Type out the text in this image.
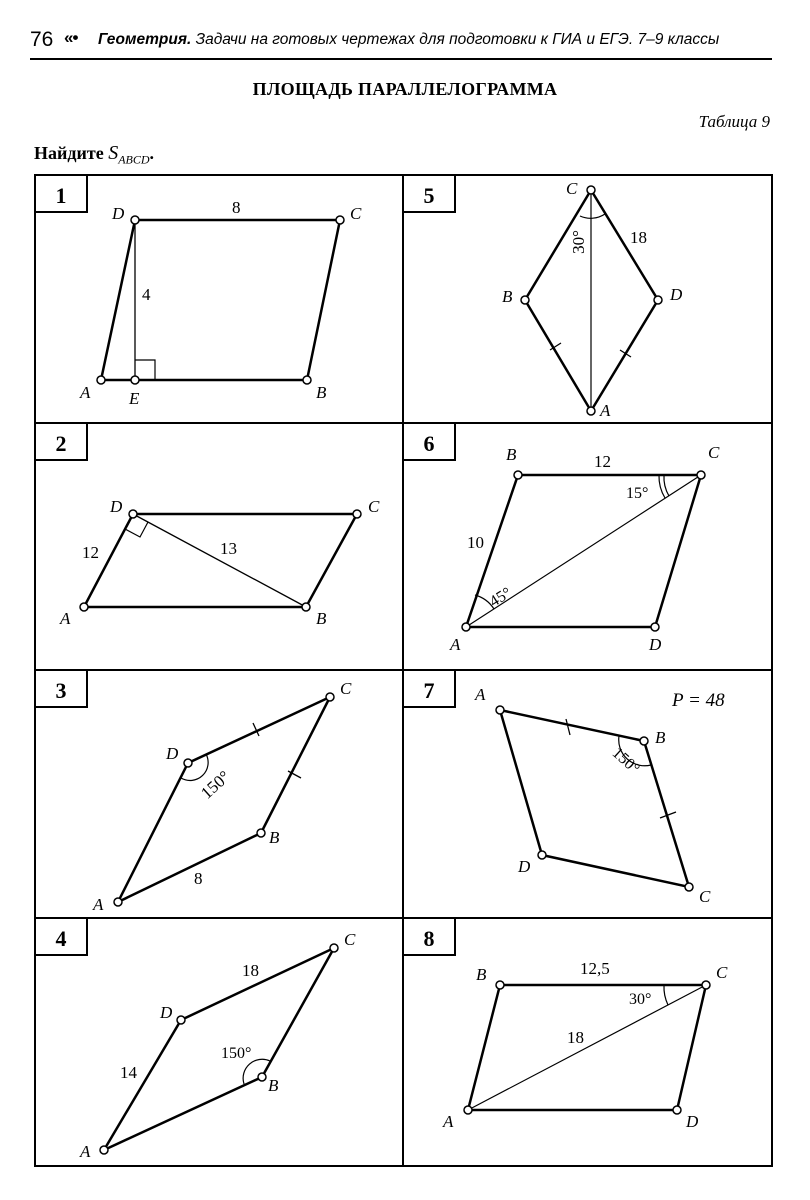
76 «• Геометрия. Задачи на готовых чертежах для подготовки к ГИА и ЕГЭ. 7–9 классы
ПЛОЩАДЬ ПАРАЛЛЕЛОГРАММА
Таблица 9
Найдите $S_{ABCD}$.
1
2
3
4
5
6
7
8
A	B
C
D
E
8
4
A	B
C
D
12	13
A
B
C
D
8
150°
A
B
C
D
18
14
150°
A
B
C
D
18
30°
A
B	C
D
12
10
15°
45°
A
B
C
D
150°
P = 48
A
B	C
D
12,5
18
30°
